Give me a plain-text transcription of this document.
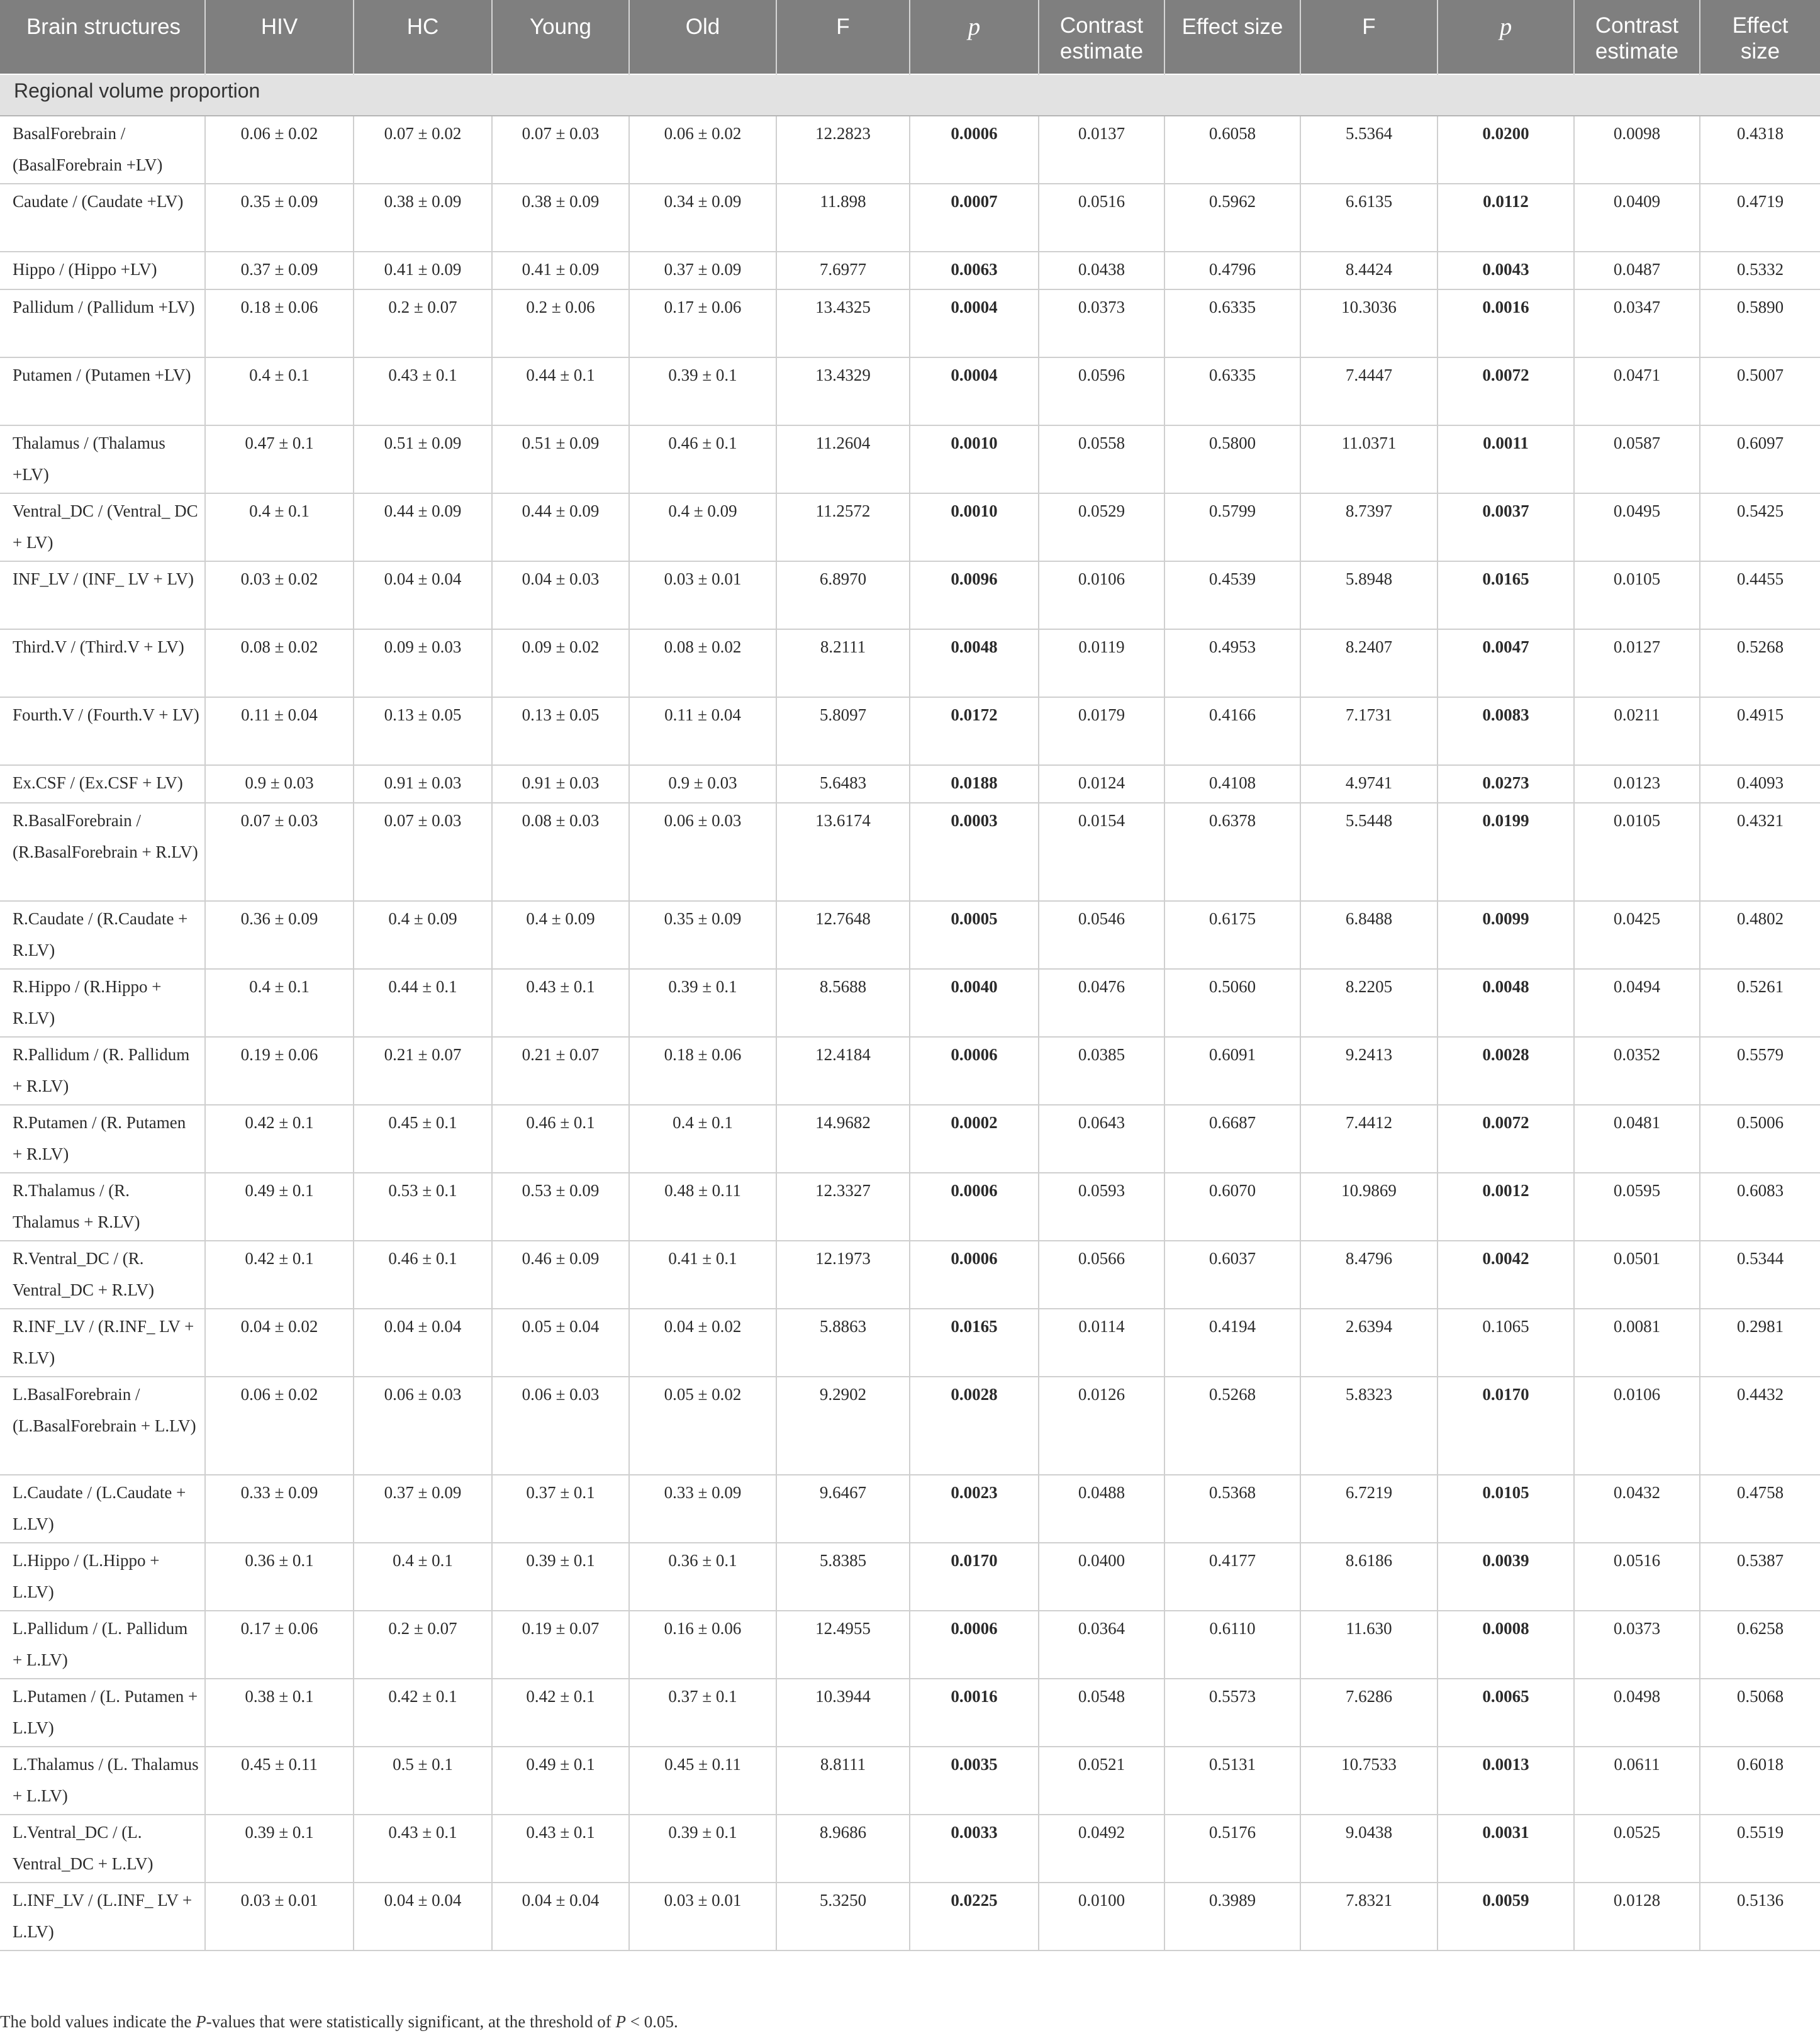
Brain structures	HIV	HC	Young	Old	F	p	Contrast estimate	Effect size	F	p	Contrast estimate	Effect size
Regional volume proportion												
BasalForebrain / (BasalForebrain +LV)	0.06 ± 0.02	0.07 ± 0.02	0.07 ± 0.03	0.06 ± 0.02	12.2823	0.0006	0.0137	0.6058	5.5364	0.0200	0.0098	0.4318
Caudate / (Caudate +LV)	0.35 ± 0.09	0.38 ± 0.09	0.38 ± 0.09	0.34 ± 0.09	11.898	0.0007	0.0516	0.5962	6.6135	0.0112	0.0409	0.4719
Hippo / (Hippo +LV)	0.37 ± 0.09	0.41 ± 0.09	0.41 ± 0.09	0.37 ± 0.09	7.6977	0.0063	0.0438	0.4796	8.4424	0.0043	0.0487	0.5332
Pallidum / (Pallidum +LV)	0.18 ± 0.06	0.2 ± 0.07	0.2 ± 0.06	0.17 ± 0.06	13.4325	0.0004	0.0373	0.6335	10.3036	0.0016	0.0347	0.5890
Putamen / (Putamen +LV)	0.4 ± 0.1	0.43 ± 0.1	0.44 ± 0.1	0.39 ± 0.1	13.4329	0.0004	0.0596	0.6335	7.4447	0.0072	0.0471	0.5007
Thalamus / (Thalamus +LV)	0.47 ± 0.1	0.51 ± 0.09	0.51 ± 0.09	0.46 ± 0.1	11.2604	0.0010	0.0558	0.5800	11.0371	0.0011	0.0587	0.6097
Ventral_DC / (Ventral_ DC + LV)	0.4 ± 0.1	0.44 ± 0.09	0.44 ± 0.09	0.4 ± 0.09	11.2572	0.0010	0.0529	0.5799	8.7397	0.0037	0.0495	0.5425
INF_LV / (INF_ LV + LV)	0.03 ± 0.02	0.04 ± 0.04	0.04 ± 0.03	0.03 ± 0.01	6.8970	0.0096	0.0106	0.4539	5.8948	0.0165	0.0105	0.4455
Third.V / (Third.V + LV)	0.08 ± 0.02	0.09 ± 0.03	0.09 ± 0.02	0.08 ± 0.02	8.2111	0.0048	0.0119	0.4953	8.2407	0.0047	0.0127	0.5268
Fourth.V / (Fourth.V + LV)	0.11 ± 0.04	0.13 ± 0.05	0.13 ± 0.05	0.11 ± 0.04	5.8097	0.0172	0.0179	0.4166	7.1731	0.0083	0.0211	0.4915
Ex.CSF / (Ex.CSF + LV)	0.9 ± 0.03	0.91 ± 0.03	0.91 ± 0.03	0.9 ± 0.03	5.6483	0.0188	0.0124	0.4108	4.9741	0.0273	0.0123	0.4093
R.BasalForebrain / (R.BasalForebrain + R.LV)	0.07 ± 0.03	0.07 ± 0.03	0.08 ± 0.03	0.06 ± 0.03	13.6174	0.0003	0.0154	0.6378	5.5448	0.0199	0.0105	0.4321
R.Caudate / (R.Caudate + R.LV)	0.36 ± 0.09	0.4 ± 0.09	0.4 ± 0.09	0.35 ± 0.09	12.7648	0.0005	0.0546	0.6175	6.8488	0.0099	0.0425	0.4802
R.Hippo / (R.Hippo + R.LV)	0.4 ± 0.1	0.44 ± 0.1	0.43 ± 0.1	0.39 ± 0.1	8.5688	0.0040	0.0476	0.5060	8.2205	0.0048	0.0494	0.5261
R.Pallidum / (R. Pallidum + R.LV)	0.19 ± 0.06	0.21 ± 0.07	0.21 ± 0.07	0.18 ± 0.06	12.4184	0.0006	0.0385	0.6091	9.2413	0.0028	0.0352	0.5579
R.Putamen / (R. Putamen + R.LV)	0.42 ± 0.1	0.45 ± 0.1	0.46 ± 0.1	0.4 ± 0.1	14.9682	0.0002	0.0643	0.6687	7.4412	0.0072	0.0481	0.5006
R.Thalamus / (R. Thalamus + R.LV)	0.49 ± 0.1	0.53 ± 0.1	0.53 ± 0.09	0.48 ± 0.11	12.3327	0.0006	0.0593	0.6070	10.9869	0.0012	0.0595	0.6083
R.Ventral_DC / (R. Ventral_DC + R.LV)	0.42 ± 0.1	0.46 ± 0.1	0.46 ± 0.09	0.41 ± 0.1	12.1973	0.0006	0.0566	0.6037	8.4796	0.0042	0.0501	0.5344
R.INF_LV / (R.INF_ LV + R.LV)	0.04 ± 0.02	0.04 ± 0.04	0.05 ± 0.04	0.04 ± 0.02	5.8863	0.0165	0.0114	0.4194	2.6394	0.1065	0.0081	0.2981
L.BasalForebrain / (L.BasalForebrain + L.LV)	0.06 ± 0.02	0.06 ± 0.03	0.06 ± 0.03	0.05 ± 0.02	9.2902	0.0028	0.0126	0.5268	5.8323	0.0170	0.0106	0.4432
L.Caudate / (L.Caudate + L.LV)	0.33 ± 0.09	0.37 ± 0.09	0.37 ± 0.1	0.33 ± 0.09	9.6467	0.0023	0.0488	0.5368	6.7219	0.0105	0.0432	0.4758
L.Hippo / (L.Hippo + L.LV)	0.36 ± 0.1	0.4 ± 0.1	0.39 ± 0.1	0.36 ± 0.1	5.8385	0.0170	0.0400	0.4177	8.6186	0.0039	0.0516	0.5387
L.Pallidum / (L. Pallidum + L.LV)	0.17 ± 0.06	0.2 ± 0.07	0.19 ± 0.07	0.16 ± 0.06	12.4955	0.0006	0.0364	0.6110	11.630	0.0008	0.0373	0.6258
L.Putamen / (L. Putamen + L.LV)	0.38 ± 0.1	0.42 ± 0.1	0.42 ± 0.1	0.37 ± 0.1	10.3944	0.0016	0.0548	0.5573	7.6286	0.0065	0.0498	0.5068
L.Thalamus / (L. Thalamus + L.LV)	0.45 ± 0.11	0.5 ± 0.1	0.49 ± 0.1	0.45 ± 0.11	8.8111	0.0035	0.0521	0.5131	10.7533	0.0013	0.0611	0.6018
L.Ventral_DC / (L. Ventral_DC + L.LV)	0.39 ± 0.1	0.43 ± 0.1	0.43 ± 0.1	0.39 ± 0.1	8.9686	0.0033	0.0492	0.5176	9.0438	0.0031	0.0525	0.5519
L.INF_LV / (L.INF_ LV + L.LV)	0.03 ± 0.01	0.04 ± 0.04	0.04 ± 0.04	0.03 ± 0.01	5.3250	0.0225	0.0100	0.3989	7.8321	0.0059	0.0128	0.5136
The bold values indicate the P-values that were statistically significant, at the threshold of P < 0.05.
